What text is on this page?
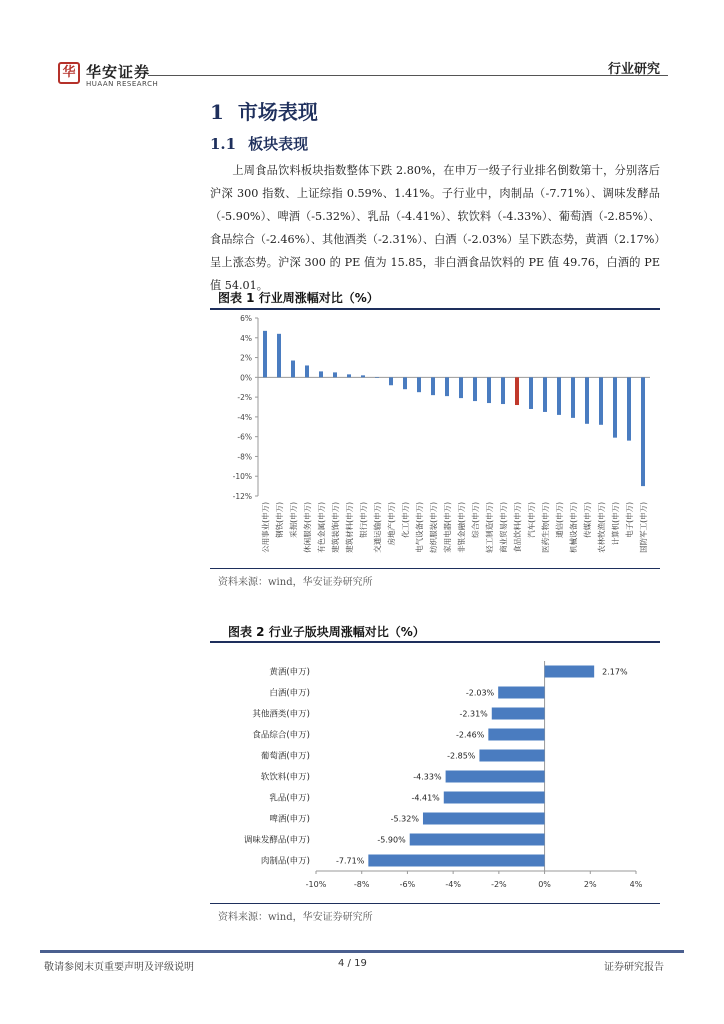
华 华安证券
HUAAN RESEARCH
行业研究
1 市场表现
1.1 板块表现

上周食品饮料板块指数整体下跌 2.80%，在申万一级子行业排名倒数第十，分别落后沪深 300 指数、上证综指 0.59%、1.41%。子行业中，肉制品（-7.71%）、调味发酵品（-5.90%）、啤酒（-5.32%）、乳品（-4.41%）、软饮料（-4.33%）、葡萄酒（-2.85%）、食品综合（-2.46%）、其他酒类（-2.31%）、白酒（-2.03%）呈下跌态势，黄酒（2.17%）呈上涨态势。沪深 300 的 PE 值为 15.85，非白酒食品饮料的 PE 值 49.76，白酒的 PE 值 54.01。

图表 1 行业周涨幅对比（%）
6%
4%
2%
0%
-2%
-4%
-6%
-8%
-10%
-12%
公用事业(申万) 钢铁(申万) 采掘(申万) 休闲服务(申万) 有色金属(申万) 建筑装饰(申万) 建筑材料(申万) 银行(申万) 交通运输(申万) 房地产(申万) 化工(申万) 电气设备(申万) 纺织服装(申万) 家用电器(申万) 非银金融(申万) 综合(申万) 轻工制造(申万) 商业贸易(申万) 食品饮料(申万) 汽车(申万) 医药生物(申万) 通信(申万) 机械设备(申万) 传媒(申万) 农林牧渔(申万) 计算机(申万) 电子(申万) 国防军工(申万)
资料来源：wind，华安证券研究所
图表 2 行业子版块周涨幅对比（%）
-10%	-8%	-6%	-4%	-2%	0%	2%	4%
黄酒(申万)	2.17%
白酒(申万)	-2.03%
其他酒类(申万)	-2.31%
食品综合(申万)	-2.46%
葡萄酒(申万)	-2.85%
软饮料(申万)	-4.33%
乳品(申万)	-4.41%
啤酒(申万)	-5.32%
调味发酵品(申万)	-5.90%
肉制品(申万)	-7.71%
资料来源：wind，华安证券研究所
敬请参阅末页重要声明及评级说明	4 / 19	证券研究报告
